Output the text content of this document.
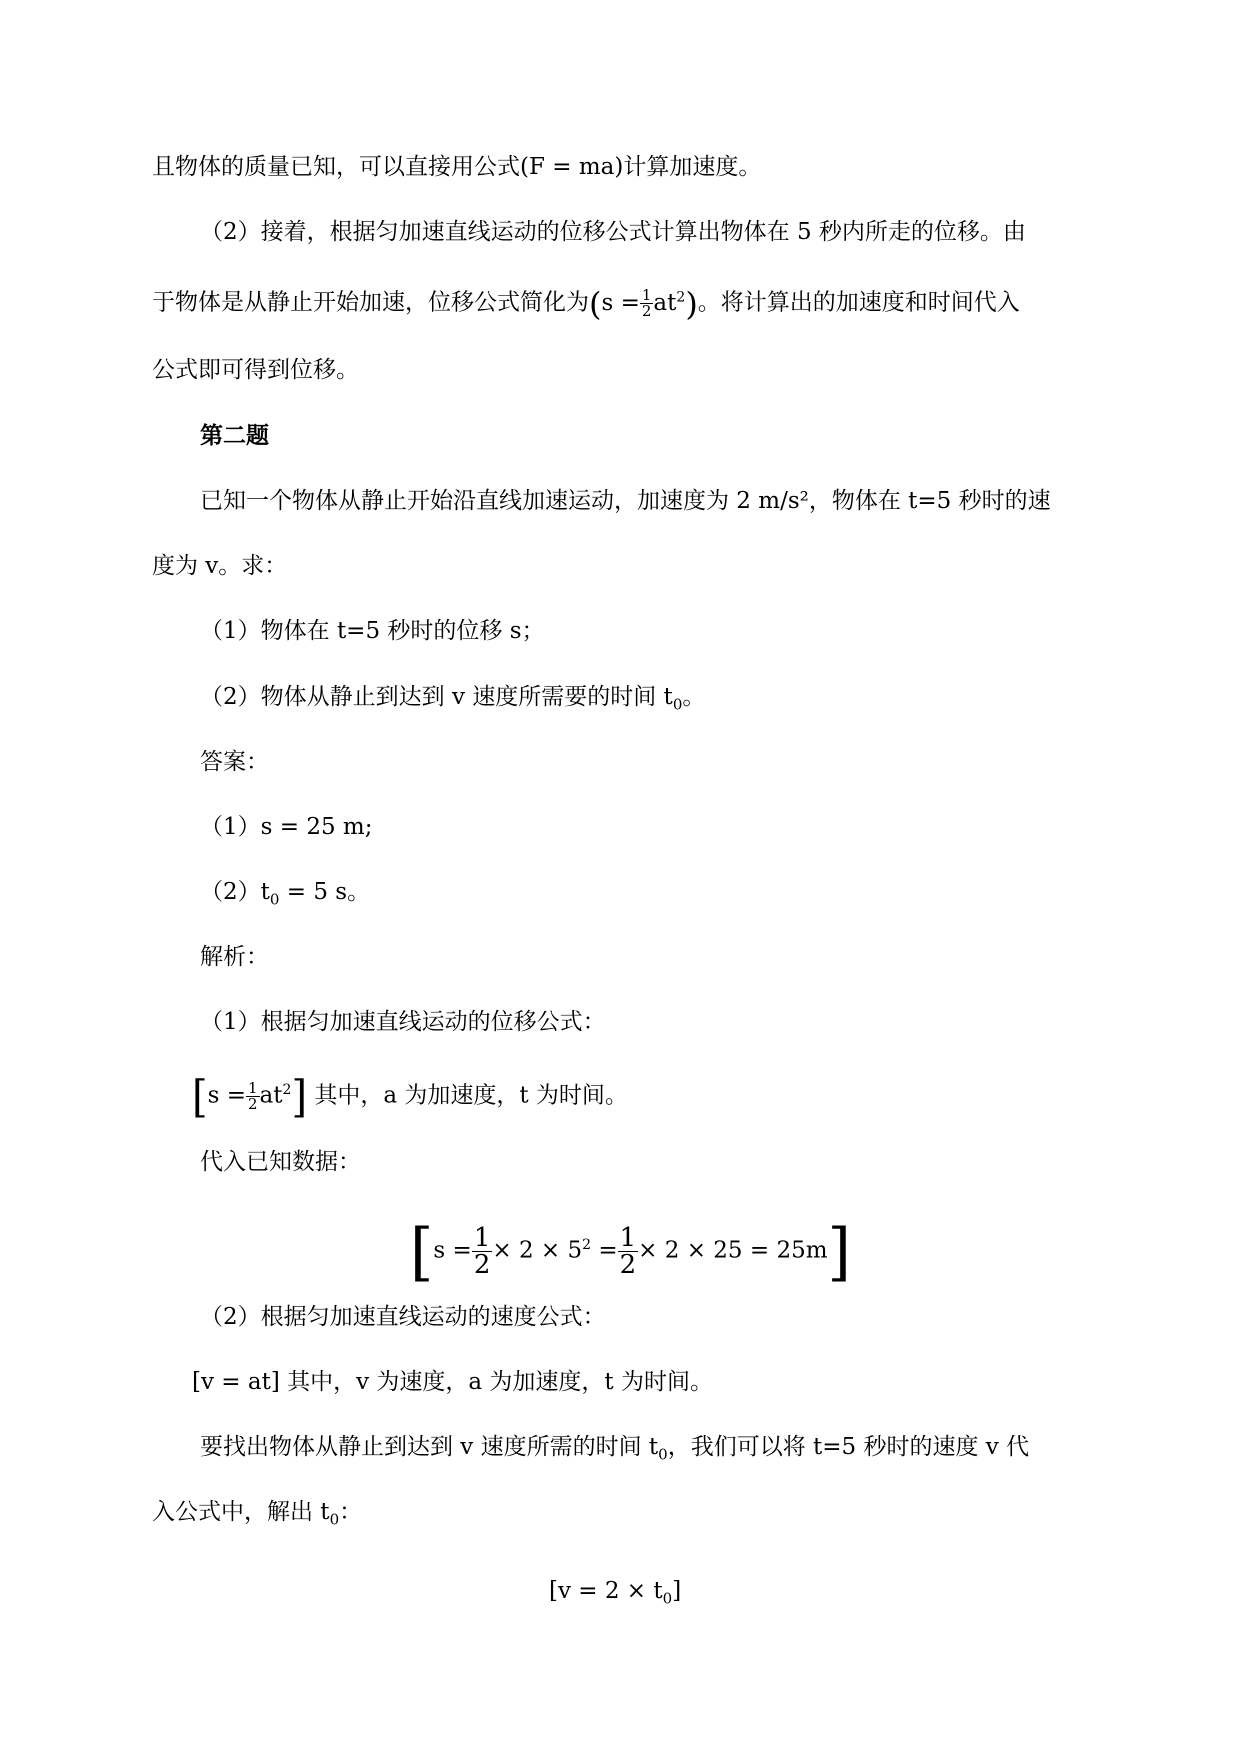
且物体的质量已知，可以直接用公式(F = ma)计算加速度。
（2）接着，根据匀加速直线运动的位移公式计算出物体在 5 秒内所走的位移。由
于物体是从静止开始加速，位移公式简化为$(s = \frac{1}{2} at^2)$。将计算出的加速度和时间代入
公式即可得到位移。
第二题
已知一个物体从静止开始沿直线加速运动，加速度为 2 m/s²，物体在 t=5 秒时的速
度为 v。求：
（1）物体在 t=5 秒时的位移 s；
（2）物体从静止到达到 v 速度所需要的时间 $t_0$。
答案：
（1）s = 25 m;
$(2)t_0 = 5$ s。
解析：
（1）根据匀加速直线运动的位移公式：
$[s = \frac{1}{2} at^2]$ 其中，a 为加速度，t 为时间。
代入已知数据：
$[s = \frac{1}{2} \times 2 \times 5^2 = \frac{1}{2} \times 2 \times 25 = 25m]$
（2）根据匀加速直线运动的速度公式：
[v = at] 其中，v 为速度，a 为加速度，t 为时间。
要找出物体从静止到达到 v 速度所需的时间 $t_0$，我们可以将 t=5 秒时的速度 v 代
入公式中，解出 $t_0$：
$[v = 2 \times t_0]$
